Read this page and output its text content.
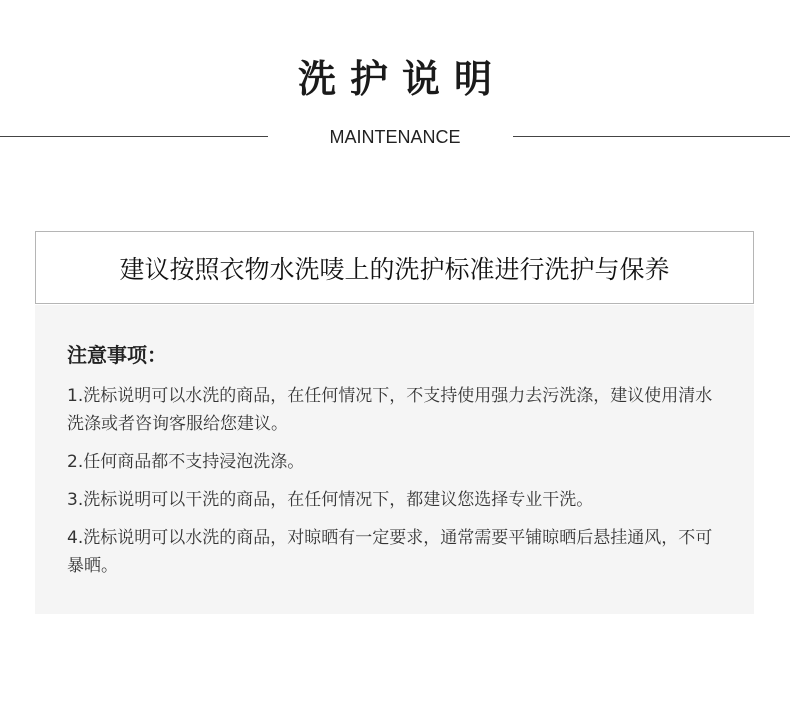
洗护说明
MAINTENANCE
建议按照衣物水洗唛上的洗护标准进行洗护与保养
注意事项：
1.洗标说明可以水洗的商品，在任何情况下，不支持使用强力去污洗涤，建议使用清水洗涤或者咨询客服给您建议。
2.任何商品都不支持浸泡洗涤。
3.洗标说明可以干洗的商品，在任何情况下，都建议您选择专业干洗。
4.洗标说明可以水洗的商品，对晾晒有一定要求，通常需要平铺晾晒后悬挂通风，不可暴晒。
